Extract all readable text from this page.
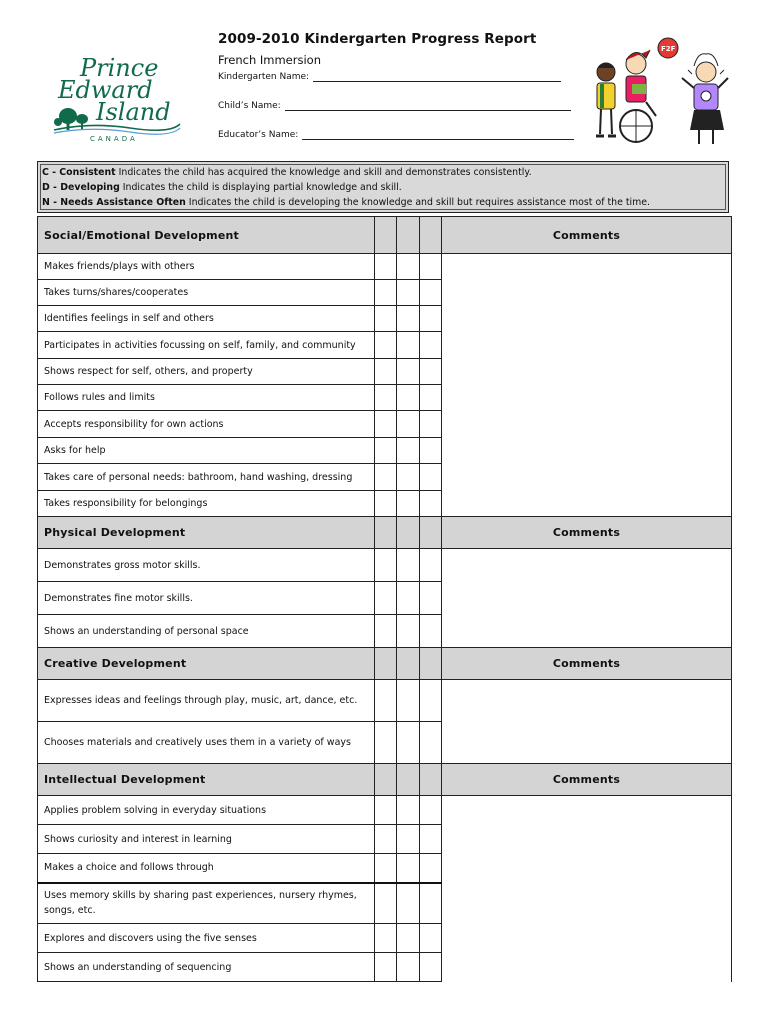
Prince
Edward
Island
CANADA
2009-2010 Kindergarten Progress Report
French Immersion
Kindergarten Name:
Child’s Name:
Educator’s Name:
F2F
C - Consistent Indicates the child has acquired the knowledge and skill and demonstrates consistently.
D - Developing Indicates the child is displaying partial knowledge and skill.
N - Needs Assistance Often Indicates the child is developing the knowledge and skill but requires assistance most of the time.
Social/Emotional Development				Comments
Makes friends/plays with others				
Takes turns/shares/cooperates				
Identifies feelings in self and others				
Participates in activities focussing on self, family, and community				
Shows respect for self, others, and property				
Follows rules and limits				
Accepts responsibility for own actions				
Asks for help				
Takes care of personal needs: bathroom, hand washing, dressing				
Takes responsibility for belongings				
Physical Development				Comments
Demonstrates gross motor skills.				
Demonstrates fine motor skills.				
Shows an understanding of personal space				
Creative Development				Comments
Expresses ideas and feelings through play, music, art, dance, etc.				
Chooses materials and creatively uses them in a variety of ways				
Intellectual Development				Comments
Applies problem solving in everyday situations				
Shows curiosity and interest in learning				
Makes a choice and follows through				
Uses memory skills by sharing past experiences, nursery rhymes, songs, etc.				
Explores and discovers using the five senses				
Shows an understanding of sequencing				
